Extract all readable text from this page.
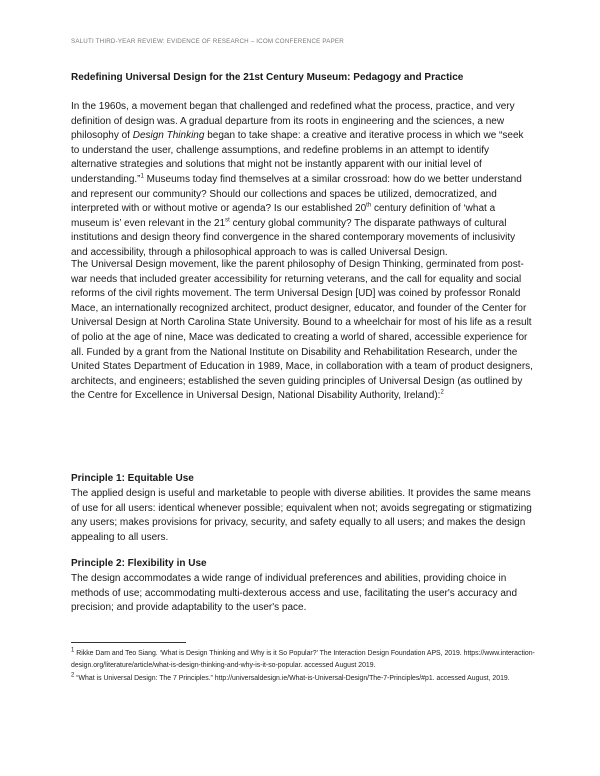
SALUTI THIRD-YEAR REVIEW: EVIDENCE OF RESEARCH – ICOM CONFERENCE PAPER
Redefining Universal Design for the 21st Century Museum: Pedagogy and Practice

In the 1960s, a movement began that challenged and redefined what the process, practice, and very definition of design was. A gradual departure from its roots in engineering and the sciences, a new philosophy of Design Thinking began to take shape: a creative and iterative process in which we “seek to understand the user, challenge assumptions, and redefine problems in an attempt to identify alternative strategies and solutions that might not be instantly apparent with our initial level of understanding.”$^1$ Museums today find themselves at a similar crossroad: how do we better understand and represent our community? Should our collections and spaces be utilized, democratized, and interpreted with or without motive or agenda? Is our established 20th century definition of ‘what a museum is’ even relevant in the 21st century global community? The disparate pathways of cultural institutions and design theory find convergence in the shared contemporary movements of inclusivity and accessibility, through a philosophical approach to was is called Universal Design.

The Universal Design movement, like the parent philosophy of Design Thinking, germinated from post-war needs that included greater accessibility for returning veterans, and the call for equality and social reforms of the civil rights movement. The term Universal Design [UD] was coined by professor Ronald Mace, an internationally recognized architect, product designer, educator, and founder of the Center for Universal Design at North Carolina State University. Bound to a wheelchair for most of his life as a result of polio at the age of nine, Mace was dedicated to creating a world of shared, accessible experience for all. Funded by a grant from the National Institute on Disability and Rehabilitation Research, under the United States Department of Education in 1989, Mace, in collaboration with a team of product designers, architects, and engineers; established the seven guiding principles of Universal Design (as outlined by the Centre for Excellence in Universal Design, National Disability Authority, Ireland):$^2$

Principle 1: Equitable Use
The applied design is useful and marketable to people with diverse abilities. It provides the same means of use for all users: identical whenever possible; equivalent when not; avoids segregating or stigmatizing any users; makes provisions for privacy, security, and safety equally to all users; and makes the design appealing to all users.
Principle 2: Flexibility in Use
The design accommodates a wide range of individual preferences and abilities, providing choice in methods of use; accommodating multi-dexterous access and use, facilitating the user's accuracy and precision; and provide adaptability to the user's pace.

$^1$ Rikke Dam and Teo Siang. ‘What is Design Thinking and Why is it So Popular?’ The Interaction Design Foundation APS, 2019. https://www.interaction-design.org/literature/article/what-is-design-thinking-and-why-is-it-so-popular. accessed August 2019.

$^2$ “What is Universal Design: The 7 Principles.” http://universaldesign.ie/What-is-Universal-Design/The-7-Principles/#p1. accessed August, 2019.
